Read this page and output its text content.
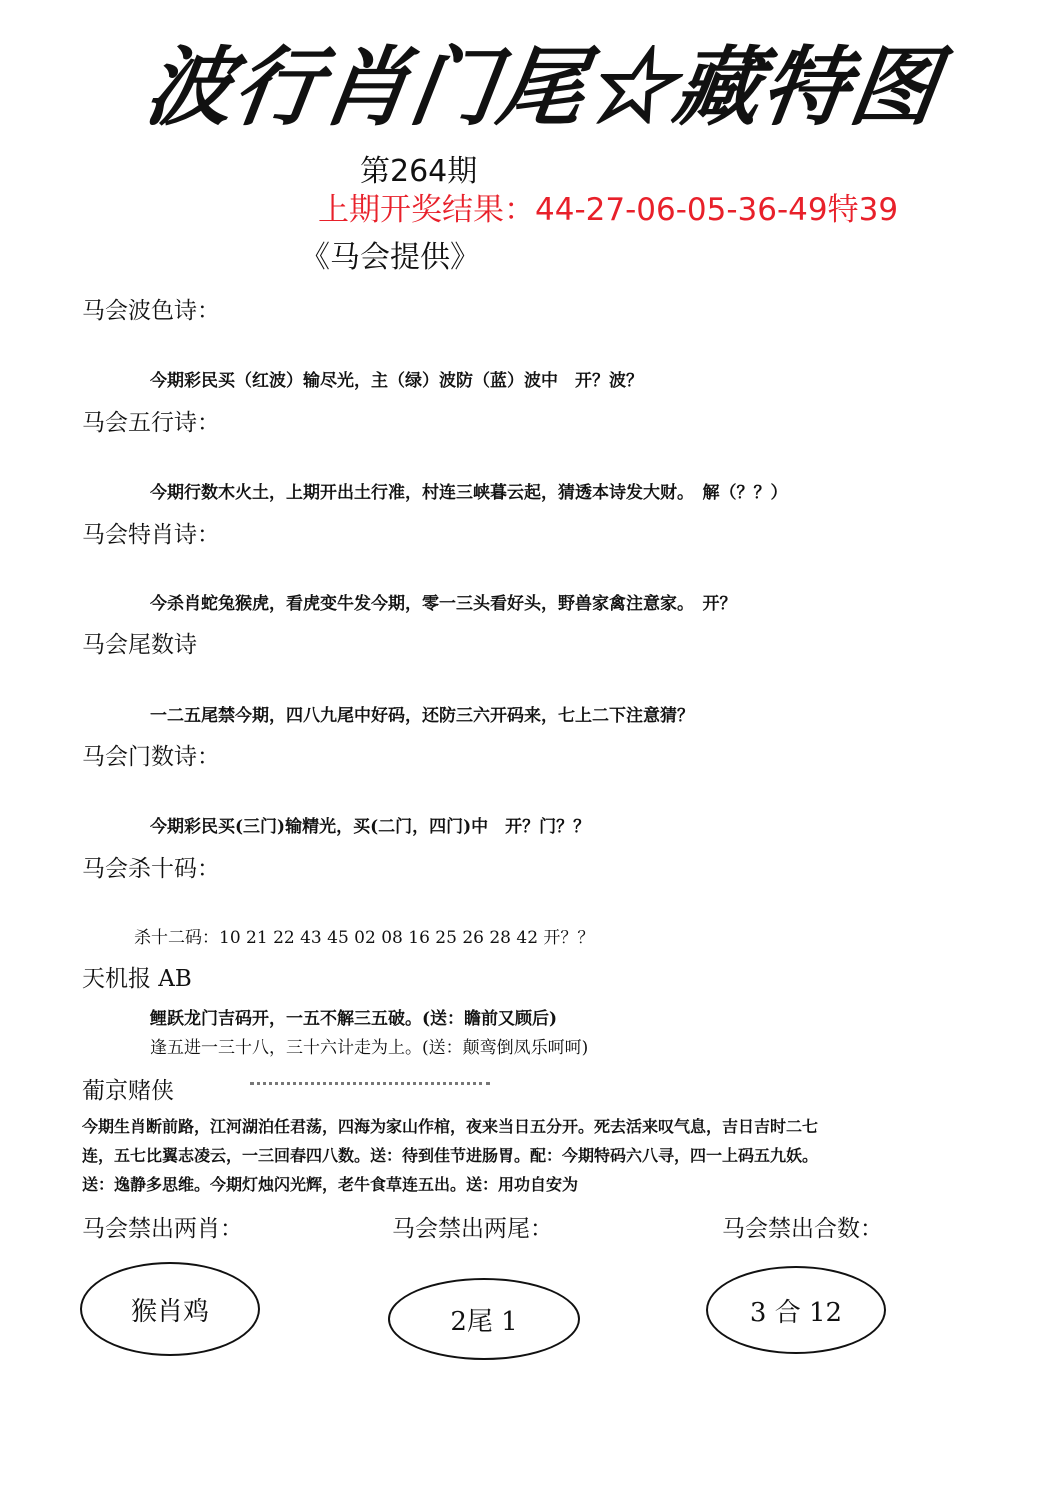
波行肖门尾☆藏特图
第264期
上期开奖结果：44-27-06-05-36-49特39
《马会提供》
马会波色诗：
今期彩民买（红波）输尽光，主（绿）波防（蓝）波中　开？波？
马会五行诗：
今期行数木火土，上期开出土行准，村连三峡暮云起，猜透本诗发大财。　解（？？）
马会特肖诗：
今杀肖蛇兔猴虎，看虎变牛发今期，零一三头看好头，野兽家禽注意家。　开？
马会尾数诗
一二五尾禁今期，四八九尾中好码，还防三六开码来，七上二下注意猜？
马会门数诗：
今期彩民买(三门)输精光，买(二门，四门)中　开？门？？
马会杀十码：
杀十二码：10 21 22 43 45 02 08 16 25 26 28 42 开？？
天机报 AB
鲤跃龙门吉码开，一五不解三五破。(送：瞻前又顾后)
逢五进一三十八，三十六计走为上。(送：颠鸾倒凤乐呵呵)
葡京赌侠
今期生肖断前路，江河湖泊任君荡，四海为家山作棺，夜来当日五分开。死去活来叹气息，吉日吉时二七
连，五七比翼志凌云，一三回春四八数。送：待到佳节进肠胃。配：今期特码六八寻，四一上码五九妖。
送：逸静多思维。今期灯烛闪光辉，老牛食草连五出。送：用功自安为
马会禁出两肖：	马会禁出两尾：	马会禁出合数：
猴肖鸡	2尾 1	3 合 12
